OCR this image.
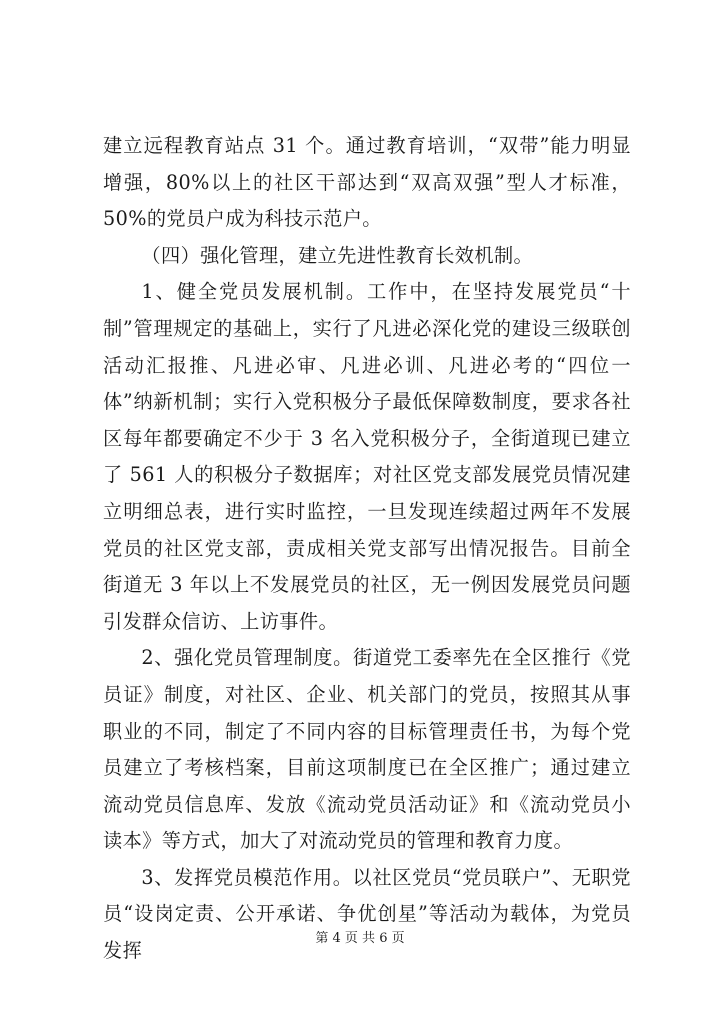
建立远程教育站点 31 个。通过教育培训，“双带”能力明显增强，80%以上的社区干部达到“双高双强”型人才标准，50%的党员户成为科技示范户。

（四）强化管理，建立先进性教育长效机制。

1、健全党员发展机制。工作中，在坚持发展党员“十制”管理规定的基础上，实行了凡进必深化党的建设三级联创活动汇报推、凡进必审、凡进必训、凡进必考的“四位一体”纳新机制；实行入党积极分子最低保障数制度，要求各社区每年都要确定不少于 3 名入党积极分子，全街道现已建立了 561 人的积极分子数据库；对社区党支部发展党员情况建立明细总表，进行实时监控，一旦发现连续超过两年不发展党员的社区党支部，责成相关党支部写出情况报告。目前全街道无 3 年以上不发展党员的社区，无一例因发展党员问题引发群众信访、上访事件。

2、强化党员管理制度。街道党工委率先在全区推行《党员证》制度，对社区、企业、机关部门的党员，按照其从事职业的不同，制定了不同内容的目标管理责任书，为每个党员建立了考核档案，目前这项制度已在全区推广；通过建立流动党员信息库、发放《流动党员活动证》和《流动党员小读本》等方式，加大了对流动党员的管理和教育力度。

3、发挥党员模范作用。以社区党员“党员联户”、无职党员“设岗定责、公开承诺、争优创星”等活动为载体，为党员发挥

第 4 页 共 6 页
